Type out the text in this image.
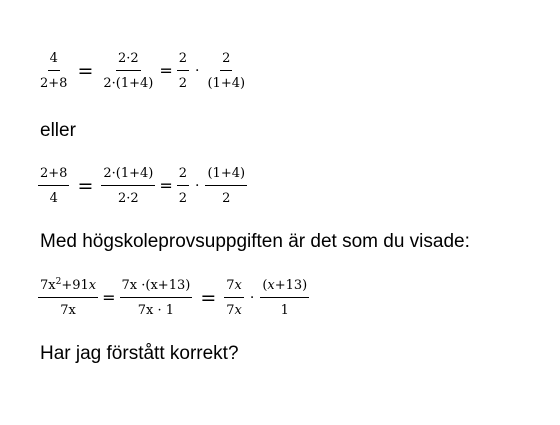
$\frac{4}{2+8} = \frac{2\cdot 2}{2\cdot(1+4)} = \frac{2}{2} \cdot \frac{2}{(1+4)}$
eller
$\frac{2+8}{4} = \frac{2\cdot(1+4)}{2\cdot 2} = \frac{2}{2} \cdot \frac{(1+4)}{2}$
Med högskoleprovsuppgiften är det som du visade:
$\frac{7x^2+91x}{7x} = \frac{7x \cdot(x+13)}{7x \cdot 1} = \frac{7x}{7x} \cdot \frac{(x+13)}{1}$
Har jag förstått korrekt?
